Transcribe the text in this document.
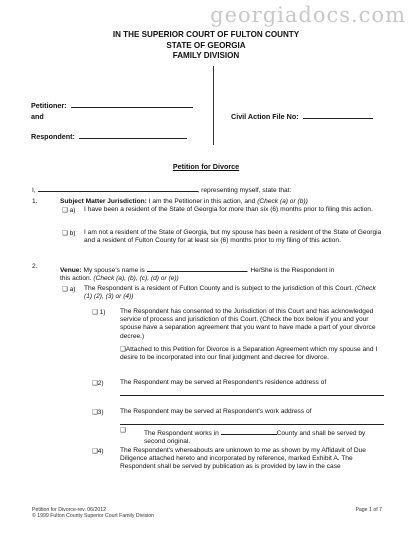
georgiadocs.com
IN THE SUPERIOR COURT OF FULTON COUNTY
STATE OF GEORGIA
FAMILY DIVISION
Petitioner:
and
Respondent:
Civil Action File No:
Petition for Divorce
I,	, representing myself, state that:
1.	Subject Matter Jurisdiction: I am the Petitioner in this action, and (Check (a) or (b))
❑ a) I have been a resident of the State of Georgia for more than six (6) months prior to filing this action.
❑ b) I am not a resident of the State of Georgia, but my spouse has been a resident of the State of Georgia and a resident of Fulton County for at least six (6) months prior to my filing of this action.
2.
Venue: My spouse's name is	. He/She is the Respondent in
this action. (Check (a), (b), (c), (d) or (e))
❑ a) The Respondent is a resident of Fulton County and is subject to the jurisdiction of this Court. (Check (1) (2), (3) or (4))
❑ 1) The Respondent has consented to the Jurisdiction of this Court and has acknowledged service of process and jurisdiction of this Court. (Check the box below if you and your spouse have a separation agreement that you want to have made a part of your divorce decree.)
❑Attached to this Petition for Divorce is a Separation Agreement which my spouse and I desire to be incorporated into our final judgment and decree for divorce.
❑2) The Respondent may be served at Respondent's residence address of

❑3) The Respondent may be served at Respondent's work address of

❑	The Respondent works in	County and shall be served by second original.
❑4) The Respondent's whereabouts are unknown to me as shown by my Affidavit of Due Diligence attached hereto and incorporated by reference, marked Exhibit A. The Respondent shall be served by publication as is provided by law in the case
Petition for Divorce-rev. 06/2012
© 1999 Fulton County Superior Court Family Division
Page 1 of 7
